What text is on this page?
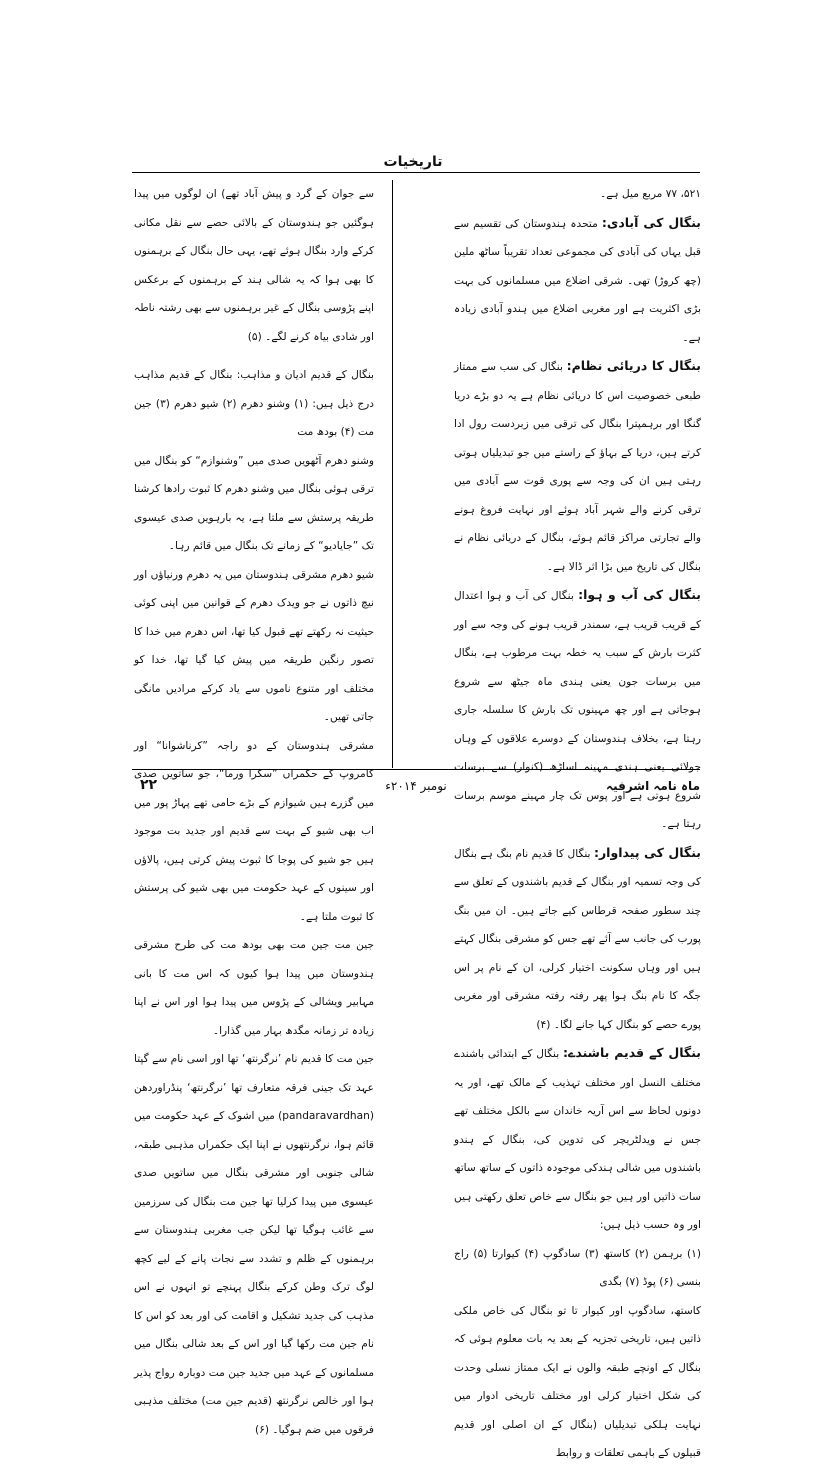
تاریخیات

۵۲۱، ۷۷ مربع میل ہے۔

بنگال کی آبادی: متحدہ ہندوستان کی تقسیم سے قبل یہاں کی آبادی کی مجموعی تعداد تقریباً ساٹھ ملین (چھ کروڑ) تھی۔ شرقی اضلاع میں مسلمانوں کی بہت بڑی اکثریت ہے اور مغربی اضلاع میں ہندو آبادی زیادہ ہے۔

بنگال کا دریائی نظام: بنگال کی سب سے ممتاز طبعی خصوصیت اس کا دریائی نظام ہے یہ دو بڑے دریا گنگا اور برہمپترا بنگال کی ترقی میں زبردست رول ادا کرتے ہیں، دریا کے بہاؤ کے راستے میں جو تبدیلیاں ہوتی رہتی ہیں ان کی وجہ سے پوری قوت سے آبادی میں ترقی کرنے والے شہر آباد ہوئے اور نہایت فروغ ہونے والے تجارتی مراکز قائم ہوئے، بنگال کے دریائی نظام نے بنگال کی تاریخ میں بڑا اثر ڈالا ہے۔

بنگال کی آب و ہوا: بنگال کی آب و ہوا اعتدال کے قریب قریب ہے، سمندر قریب ہونے کی وجہ سے اور کثرت بارش کے سبب یہ خطہ بہت مرطوب ہے، بنگال میں برسات جون یعنی ہندی ماہ جیٹھ سے شروع ہوجاتی ہے اور چھ مہینوں تک بارش کا سلسلہ جاری رہتا ہے، بخلاف ہندوستان کے دوسرے علاقوں کے وہاں جولائی یعنی ہندی مہینہ اساڑھ (کنوار) سے برسات شروع ہوتی ہے اور پوس تک چار مہینے موسم برسات رہتا ہے۔

بنگال کی پیداوار: بنگال کا قدیم نام بنگ ہے بنگال کی وجہ تسمیہ اور بنگال کے قدیم باشندوں کے تعلق سے چند سطور صفحہ قرطاس کیے جاتے ہیں۔ ان میں بنگ پورب کی جانب سے آئے تھے جس کو مشرقی بنگال کہتے ہیں اور وہاں سکونت اختیار کرلی، ان کے نام پر اس جگہ کا نام بنگ ہوا پھر رفتہ رفتہ مشرقی اور مغربی پورے حصے کو بنگال کہا جانے لگا۔ (۴)

بنگال کے قدیم باشندے: بنگال کے ابتدائی باشندے مختلف النسل اور مختلف تہذیب کے مالک تھے، اور یہ دونوں لحاظ سے اس آریہ خاندان سے بالکل مختلف تھے جس نے ویدلٹریچر کی تدوین کی، بنگال کے ہندو باشندوں میں شالی ہندکی موجودہ ذاتوں کے ساتھ ساتھ سات ذاتیں اور ہیں جو بنگال سے خاص تعلق رکھتی ہیں اور وہ حسب ذیل ہیں:

(۱) برہمن (۲) کاستھ (۳) سادگوپ (۴) کیوارتا (۵) راج بنسی (۶) پوڈ (۷) بگدی

کاستھ، سادگوپ اور کیوار تا تو بنگال کی خاص ملکی ذاتیں ہیں، تاریخی تجزیہ کے بعد یہ بات معلوم ہوئی کہ بنگال کے اونچے طبقہ والوں نے ایک ممتاز نسلی وحدت کی شکل اختیار کرلی اور مختلف تاریخی ادوار میں نہایت ہلکی تبدیلیاں (بنگال کے ان اصلی اور قدیم قبیلوں کے باہمی تعلقات و روابط

سے جوان کے گرد و پیش آباد تھے) ان لوگوں میں پیدا ہوگئیں جو ہندوستان کے بالائی حصے سے نقل مکانی کرکے وارد بنگال ہوئے تھے، یہی حال بنگال کے برہمنوں کا بھی ہوا کہ یہ شالی ہند کے برہمنوں کے برعکس اپنے پڑوسی بنگال کے غیر برہمنوں سے بھی رشتہ ناطہ اور شادی بیاہ کرنے لگے۔ (۵)

بنگال کے قدیم ادیان و مذاہب: بنگال کے قدیم مذاہب درج ذیل ہیں: (۱) وشنو دھرم (۲) شیو دھرم (۳) جین مت (۴) بودھ مت

وشنو دھرم آٹھویں صدی میں ”وشنوازم“ کو بنگال میں ترقی ہوئی بنگال میں وشنو دھرم کا ثبوت رادھا کرشنا طریقہ پرستش سے ملتا ہے، یہ بارہویں صدی عیسوی تک ”جایادیو“ کے زمانے تک بنگال میں قائم رہا۔

شیو دھرم مشرقی ہندوستان میں یہ دھرم ورنیاؤں اور نیچ ذاتوں نے جو ویدک دھرم کے قوانین میں اپنی کوئی حیثیت نہ رکھتے تھے قبول کیا تھا، اس دھرم میں خدا کا تصور رنگین طریقہ میں پیش کیا گیا تھا، خدا کو مختلف اور متنوع ناموں سے یاد کرکے مرادیں مانگی جاتی تھیں۔

مشرقی ہندوستان کے دو راجہ ”کرناشوانا“ اور کامروپ کے حکمراں ”سکرا ورما“، جو ساتویں صدی میں گزرے ہیں شیوازم کے بڑے حامی تھے پہاڑ پور میں اب بھی شیو کے بہت سے قدیم اور جدید بت موجود ہیں جو شیو کی پوجا کا ثبوت پیش کرتی ہیں، پالاؤں اور سینوں کے عہد حکومت میں بھی شیو کی پرستش کا ثبوت ملتا ہے۔

جین مت جین مت بھی بودھ مت کی طرح مشرقی ہندوستان میں پیدا ہوا کیوں کہ اس مت کا بانی مہابیر ویشالی کے پڑوس میں پیدا ہوا اور اس نے اپنا زیادہ تر زمانہ مگدھ بہار میں گذارا۔

جین مت کا قدیم نام ’نرگرنتھ‘ تھا اور اسی نام سے گپتا عہد تک جینی فرقہ متعارف تھا ’نرگرنتھ‘ پنڈراوردھن (pandaravardhan) میں اشوک کے عہد حکومت میں قائم ہوا، نرگرنتھوں نے اپنا ایک حکمراں مذہبی طبقہ، شالی جنوبی اور مشرقی بنگال میں ساتویں صدی عیسوی میں پیدا کرلیا تھا جین مت بنگال کی سرزمین سے غائب ہوگیا تھا لیکن جب مغربی ہندوستان سے برہمنوں کے ظلم و تشدد سے نجات پانے کے لیے کچھ لوگ ترک وطن کرکے بنگال پہنچے تو انہوں نے اس مذہب کی جدید تشکیل و اقامت کی اور بعد کو اس کا نام جین مت رکھا گیا اور اس کے بعد شالی بنگال میں مسلمانوں کے عہد میں جدید جین مت دوبارہ رواج پذیر ہوا اور خالص نرگرنتھ (قدیم جین مت) مختلف مذہبی فرقوں میں ضم ہوگیا۔ (۶)

ماہ نامہ اشرفیہ
نومبر ۲۰۱۴ء
۲۲
